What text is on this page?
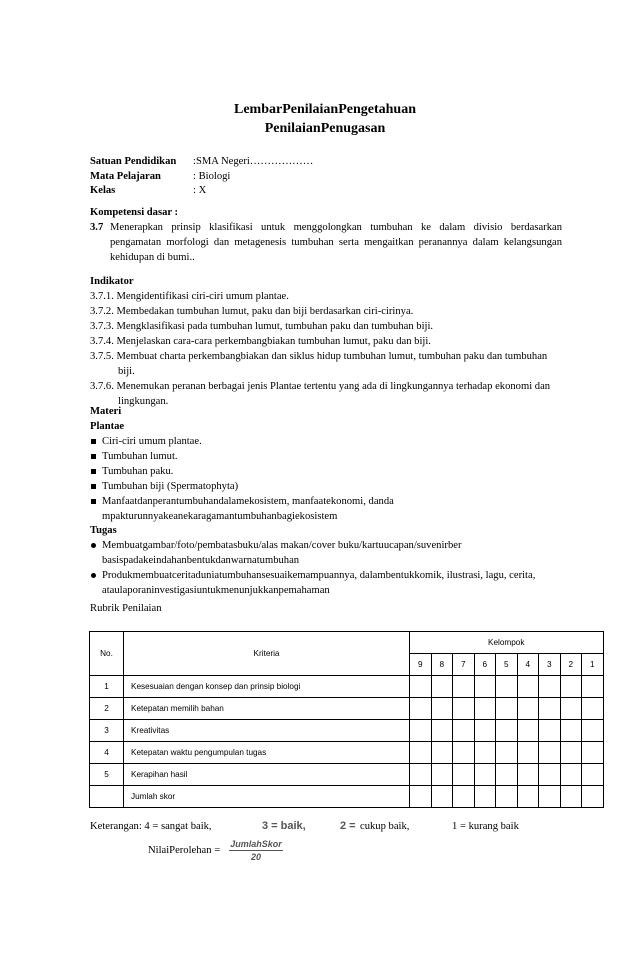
LembarPenilaianPengetahuan
PenilaianPenugasan
Satuan Pendidikan :SMA Negeri………………
Mata Pelajaran	: Biologi
Kelas	: X
Kompetensi dasar :
3.7 Menerapkan prinsip klasifikasi untuk menggolongkan tumbuhan ke dalam divisio berdasarkan pengamatan morfologi dan metagenesis tumbuhan serta mengaitkan peranannya dalam kelangsungan kehidupan di bumi..
Indikator
3.7.1. Mengidentifikasi ciri-ciri umum plantae.
3.7.2. Membedakan tumbuhan lumut, paku dan biji berdasarkan ciri-cirinya.
3.7.3. Mengklasifikasi pada tumbuhan lumut, tumbuhan paku dan tumbuhan biji.
3.7.4. Menjelaskan cara-cara perkembangbiakan tumbuhan lumut, paku dan biji.
3.7.5. Membuat charta perkembangbiakan dan siklus hidup tumbuhan lumut, tumbuhan paku dan tumbuhan biji.
3.7.6. Menemukan peranan berbagai jenis Plantae tertentu yang ada di lingkungannya terhadap ekonomi dan lingkungan.
Materi
Plantae
Ciri-ciri umum plantae.
Tumbuhan lumut.
Tumbuhan paku.
Tumbuhan biji (Spermatophyta)
Manfaatdanperantumbuhandalamekosistem, manfaatekonomi, dandampakturunnyakeanekaragamantumbuhanbagiekosistem
Tugas
Membuatgambar/foto/pembatasbuku/alas makan/cover buku/kartuucapan/suvenirberbasispadakeindahanbentukdanwarnatumbuhan
Produkmembuatceritaduniatumbuhansesuaikemampuannya, dalambentukkomik, ilustrasi, lagu, cerita, ataulaporaninvestigasiuntukmenunjukkanpemahaman
Rubrik Penilaian
No.	Kriteria	Kelompok								
		9	8	7	6	5	4	3	2	1
1	Kesesuaian dengan konsep dan prinsip biologi									
2	Ketepatan memilih bahan									
3	Kreativitas									
4	Ketepatan waktu pengumpulan tugas									
5	Kerapihan hasil									
	Jumlah skor									
Keterangan: 4 = sangat baik,	3 = baik,	2 = cukup baik,	1 = kurang baik
NilaiPerolehan =
JumlahSkor
20
